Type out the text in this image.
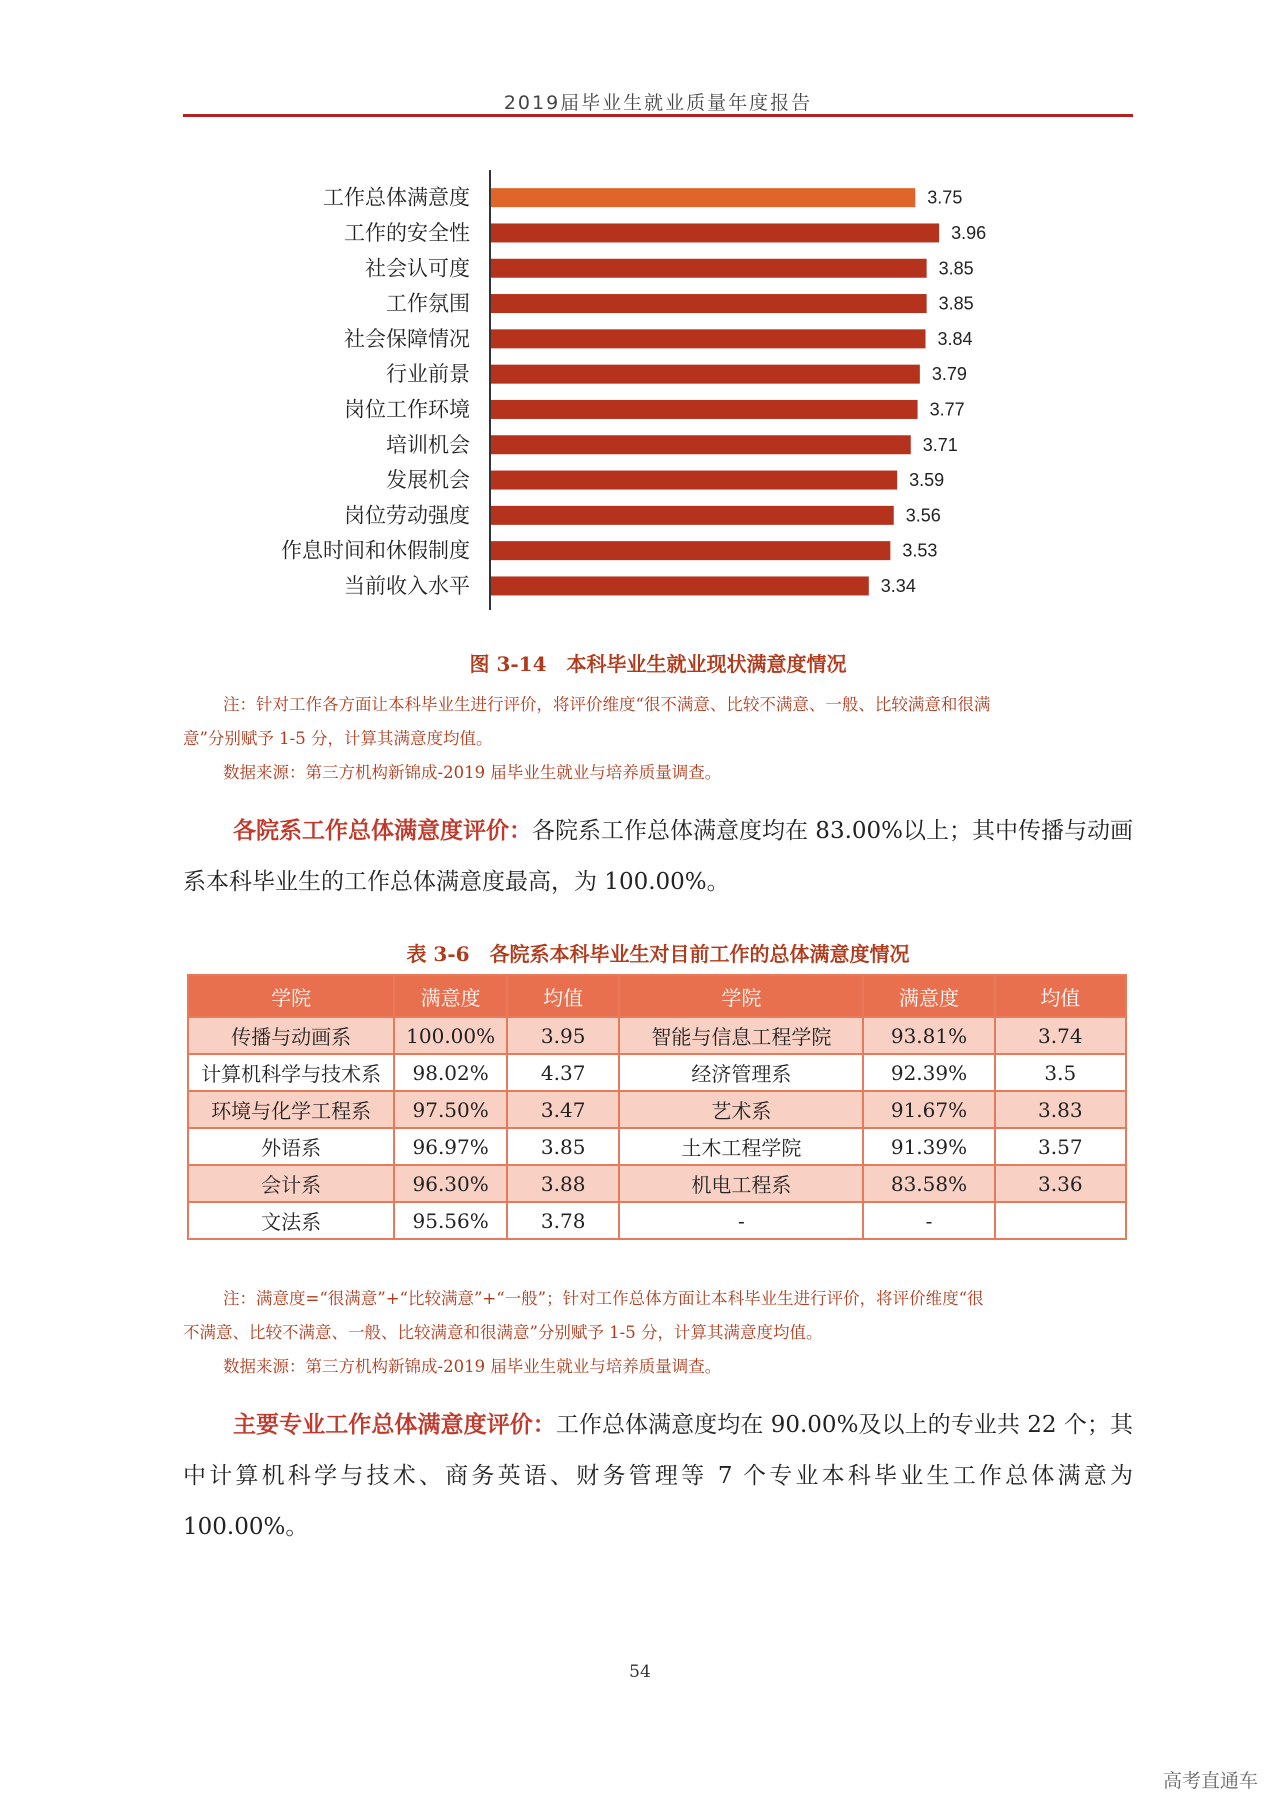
2019届毕业生就业质量年度报告
工作总体满意度	3.75
工作的安全性	3.96
社会认可度	3.85
工作氛围	3.85
社会保障情况	3.84
行业前景	3.79
岗位工作环境	3.77
培训机会	3.71
发展机会	3.59
岗位劳动强度	3.56
作息时间和休假制度	3.53
当前收入水平	3.34
图 3-14　本科毕业生就业现状满意度情况
注：针对工作各方面让本科毕业生进行评价，将评价维度“很不满意、比较不满意、一般、比较满意和很满
意”分别赋予 1-5 分，计算其满意度均值。
数据来源：第三方机构新锦成-2019 届毕业生就业与培养质量调查。
各院系工作总体满意度评价：各院系工作总体满意度均在 83.00%以上；其中传播与动画系本科毕业生的工作总体满意度最高，为 100.00%。
表 3-6　各院系本科毕业生对目前工作的总体满意度情况
学院	满意度	均值	学院	满意度	均值
传播与动画系	100.00%	3.95	智能与信息工程学院	93.81%	3.74
计算机科学与技术系	98.02%	4.37	经济管理系	92.39%	3.5
环境与化学工程系	97.50%	3.47	艺术系	91.67%	3.83
外语系	96.97%	3.85	土木工程学院	91.39%	3.57
会计系	96.30%	3.88	机电工程系	83.58%	3.36
文法系	95.56%	3.78	-	-	
注：满意度=“很满意”+“比较满意”+“一般”；针对工作总体方面让本科毕业生进行评价，将评价维度“很
不满意、比较不满意、一般、比较满意和很满意”分别赋予 1-5 分，计算其满意度均值。
数据来源：第三方机构新锦成-2019 届毕业生就业与培养质量调查。
主要专业工作总体满意度评价：工作总体满意度均在 90.00%及以上的专业共 22 个；其中计算机科学与技术、商务英语、财务管理等 7 个专业本科毕业生工作总体满意为 100.00%。
54
高考直通车
